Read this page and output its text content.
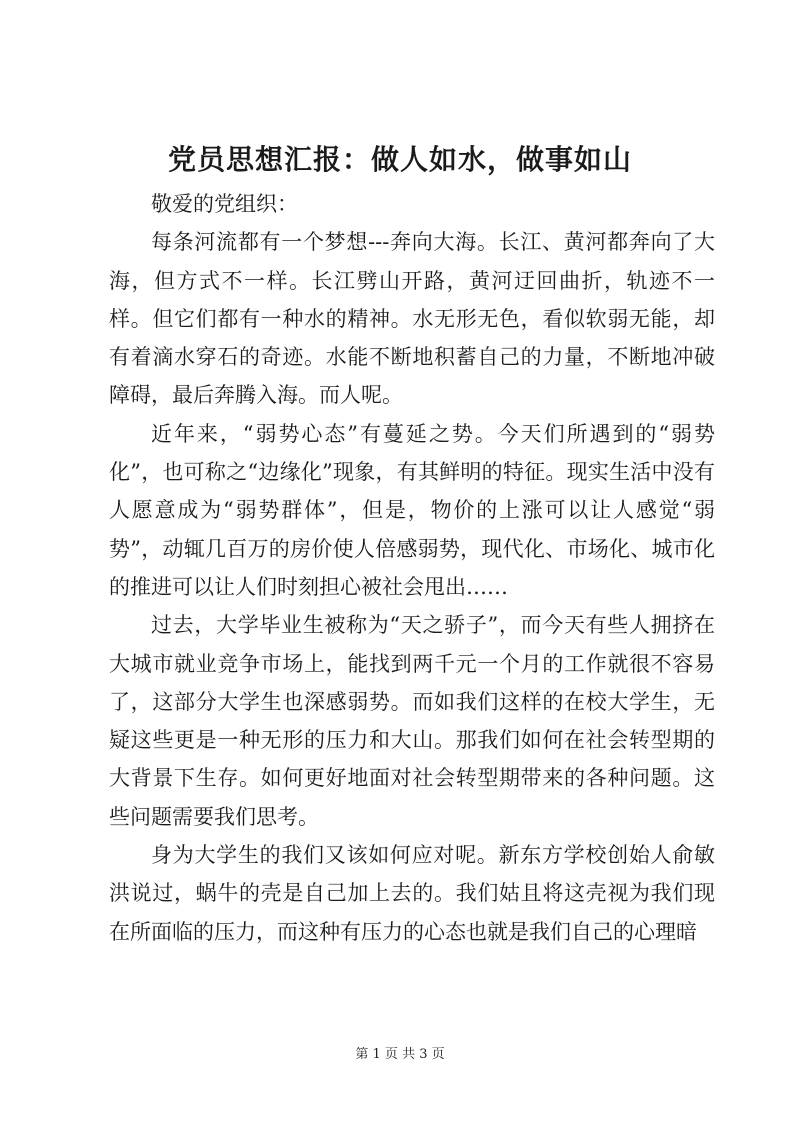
党员思想汇报：做人如水，做事如山

敬爱的党组织：

每条河流都有一个梦想---奔向大海。长江、黄河都奔向了大海，但方式不一样。长江劈山开路，黄河迂回曲折，轨迹不一样。但它们都有一种水的精神。水无形无色，看似软弱无能，却有着滴水穿石的奇迹。水能不断地积蓄自己的力量，不断地冲破障碍，最后奔腾入海。而人呢。

近年来，“弱势心态”有蔓延之势。今天们所遇到的“弱势化”，也可称之“边缘化”现象，有其鲜明的特征。现实生活中没有人愿意成为“弱势群体”，但是，物价的上涨可以让人感觉“弱势”，动辄几百万的房价使人倍感弱势，现代化、市场化、城市化的推进可以让人们时刻担心被社会甩出……

过去，大学毕业生被称为“天之骄子”，而今天有些人拥挤在大城市就业竞争市场上，能找到两千元一个月的工作就很不容易了，这部分大学生也深感弱势。而如我们这样的在校大学生，无疑这些更是一种无形的压力和大山。那我们如何在社会转型期的大背景下生存。如何更好地面对社会转型期带来的各种问题。这些问题需要我们思考。

身为大学生的我们又该如何应对呢。新东方学校创始人俞敏洪说过，蜗牛的壳是自己加上去的。我们姑且将这壳视为我们现在所面临的压力，而这种有压力的心态也就是我们自己的心理暗

第 1 页 共 3 页
